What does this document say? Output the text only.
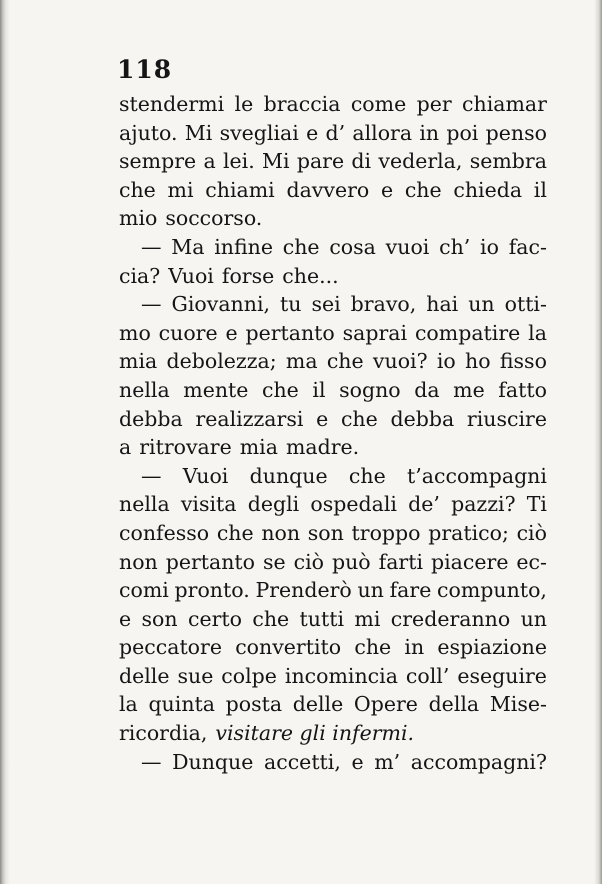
118
stendermi le braccia come per chiamar
ajuto. Mi svegliai e d’ allora in poi penso
sempre a lei. Mi pare di vederla, sembra
che mi chiami davvero e che chieda il
mio soccorso.
— Ma infine che cosa vuoi ch’ io fac-
cia? Vuoi forse che...
— Giovanni, tu sei bravo, hai un otti-
mo cuore e pertanto saprai compatire la
mia debolezza; ma che vuoi? io ho fisso
nella mente che il sogno da me fatto
debba realizzarsi e che debba riuscire
a ritrovare mia madre.
— Vuoi dunque che t’accompagni
nella visita degli ospedali de’ pazzi? Ti
confesso che non son troppo pratico; ciò
non pertanto se ciò può farti piacere ec-
comi pronto. Prenderò un fare compunto,
e son certo che tutti mi crederanno un
peccatore convertito che in espiazione
delle sue colpe incomincia coll’ eseguire
la quinta posta delle Opere della Mise-
ricordia, visitare gli infermi.
— Dunque accetti, e m’ accompagni?
